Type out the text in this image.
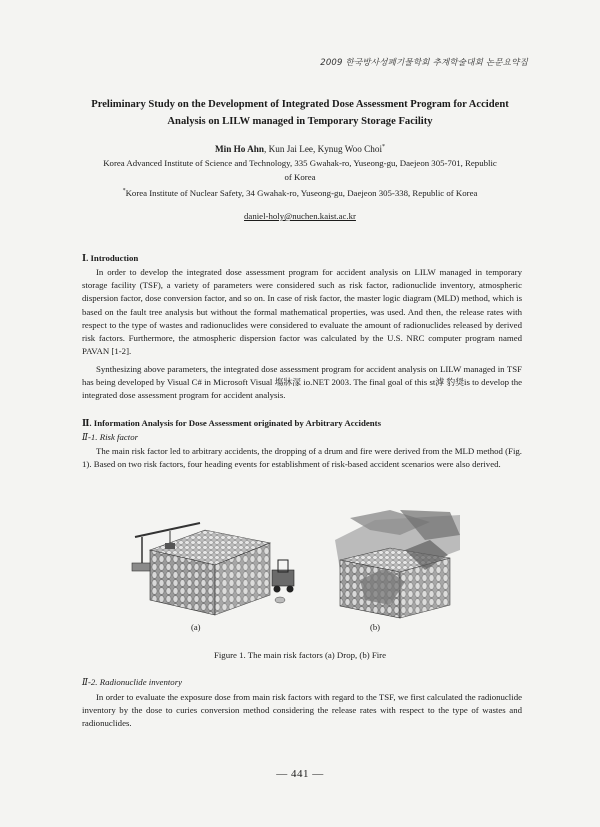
2009 한국방사성폐기물학회 추계학술대회 논문요약집
Preliminary Study on the Development of Integrated Dose Assessment Program for Accident
Analysis on LILW managed in Temporary Storage Facility
Min Ho Ahn, Kun Jai Lee, Kynug Woo Choi*
Korea Advanced Institute of Science and Technology, 335 Gwahak-ro, Yuseong-gu, Daejeon 305-701, Republic
of Korea
*Korea Institute of Nuclear Safety, 34 Gwahak-ro, Yuseong-gu, Daejeon 305-338, Republic of Korea
daniel-holy@nuchen.kaist.ac.kr
Ⅰ. Introduction

In order to develop the integrated dose assessment program for accident analysis on LILW managed in temporary storage facility (TSF), a variety of parameters were considered such as risk factor, radionuclide inventory, atmospheric dispersion factor, dose conversion factor, and so on. In case of risk factor, the master logic diagram (MLD) method, which is based on the fault tree analysis but without the formal mathematical properties, was used. And then, the release rates with respect to the type of wastes and radionuclides were considered to evaluate the amount of radionuclides released by derived risk factors. Furthermore, the atmospheric dispersion factor was calculated by the U.S. NRC computer program named PAVAN [1-2].

Synthesizing above parameters, the integrated dose assessment program for accident analysis on LILW managed in TSF has being developed by Visual C# in Microsoft Visual 塲牀溕 io.NET 2003. The final goal of this st滹 豹奨is to develop the integrated dose assessment program for accident analysis.

Ⅱ. Information Analysis for Dose Assessment originated by Arbitrary Accidents
Ⅱ-1. Risk factor

The main risk factor led to arbitrary accidents, the dropping of a drum and fire were derived from the MLD method (Fig. 1). Based on two risk factors, four heading events for establishment of risk-based accident scenarios were also derived.

(a)	(b)
Figure 1. The main risk factors (a) Drop, (b) Fire
Ⅱ-2. Radionuclide inventory

In order to evaluate the exposure dose from main risk factors with regard to the TSF, we first calculated the radionuclide inventory by the dose to curies conversion method considering the release rates with respect to the type of wastes and radionuclides.

— 441 —
